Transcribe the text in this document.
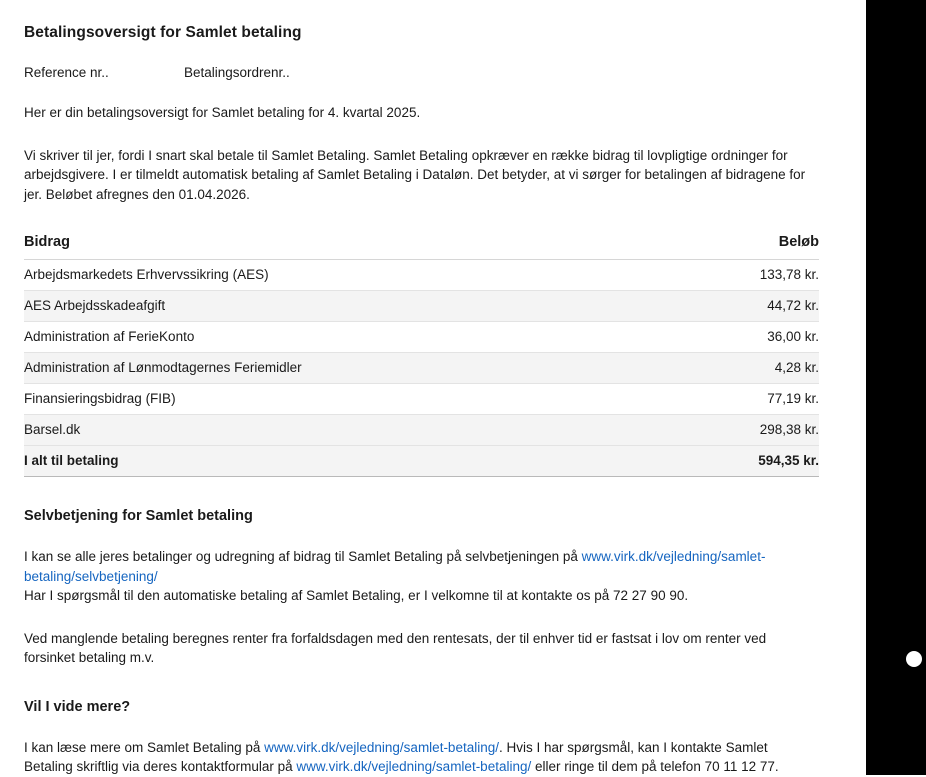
Betalingsoversigt for Samlet betaling
Reference nr..	Betalingsordrenr..

Her er din betalingsoversigt for Samlet betaling for 4. kvartal 2025.

Vi skriver til jer, fordi I snart skal betale til Samlet Betaling. Samlet Betaling opkræver en række bidrag til lovpligtige ordninger for arbejdsgivere. I er tilmeldt automatisk betaling af Samlet Betaling i Dataløn. Det betyder, at vi sørger for betalingen af bidragene for jer. Beløbet afregnes den 01.04.2026.

Bidrag	Beløb
Arbejdsmarkedets Erhvervssikring (AES)	133,78 kr.
AES Arbejdsskadeafgift	44,72 kr.
Administration af FerieKonto	36,00 kr.
Administration af Lønmodtagernes Feriemidler	4,28 kr.
Finansieringsbidrag (FIB)	77,19 kr.
Barsel.dk	298,38 kr.
I alt til betaling	594,35 kr.
Selvbetjening for Samlet betaling

I kan se alle jeres betalinger og udregning af bidrag til Samlet Betaling på selvbetjeningen på www.virk.dk/vejledning/samlet-betaling/selvbetjening/
Har I spørgsmål til den automatiske betaling af Samlet Betaling, er I velkomne til at kontakte os på 72 27 90 90.

Ved manglende betaling beregnes renter fra forfaldsdagen med den rentesats, der til enhver tid er fastsat i lov om renter ved forsinket betaling m.v.

Vil I vide mere?

I kan læse mere om Samlet Betaling på www.virk.dk/vejledning/samlet-betaling/. Hvis I har spørgsmål, kan I kontakte Samlet Betaling skriftlig via deres kontaktformular på www.virk.dk/vejledning/samlet-betaling/ eller ringe til dem på telefon 70 11 12 77.
